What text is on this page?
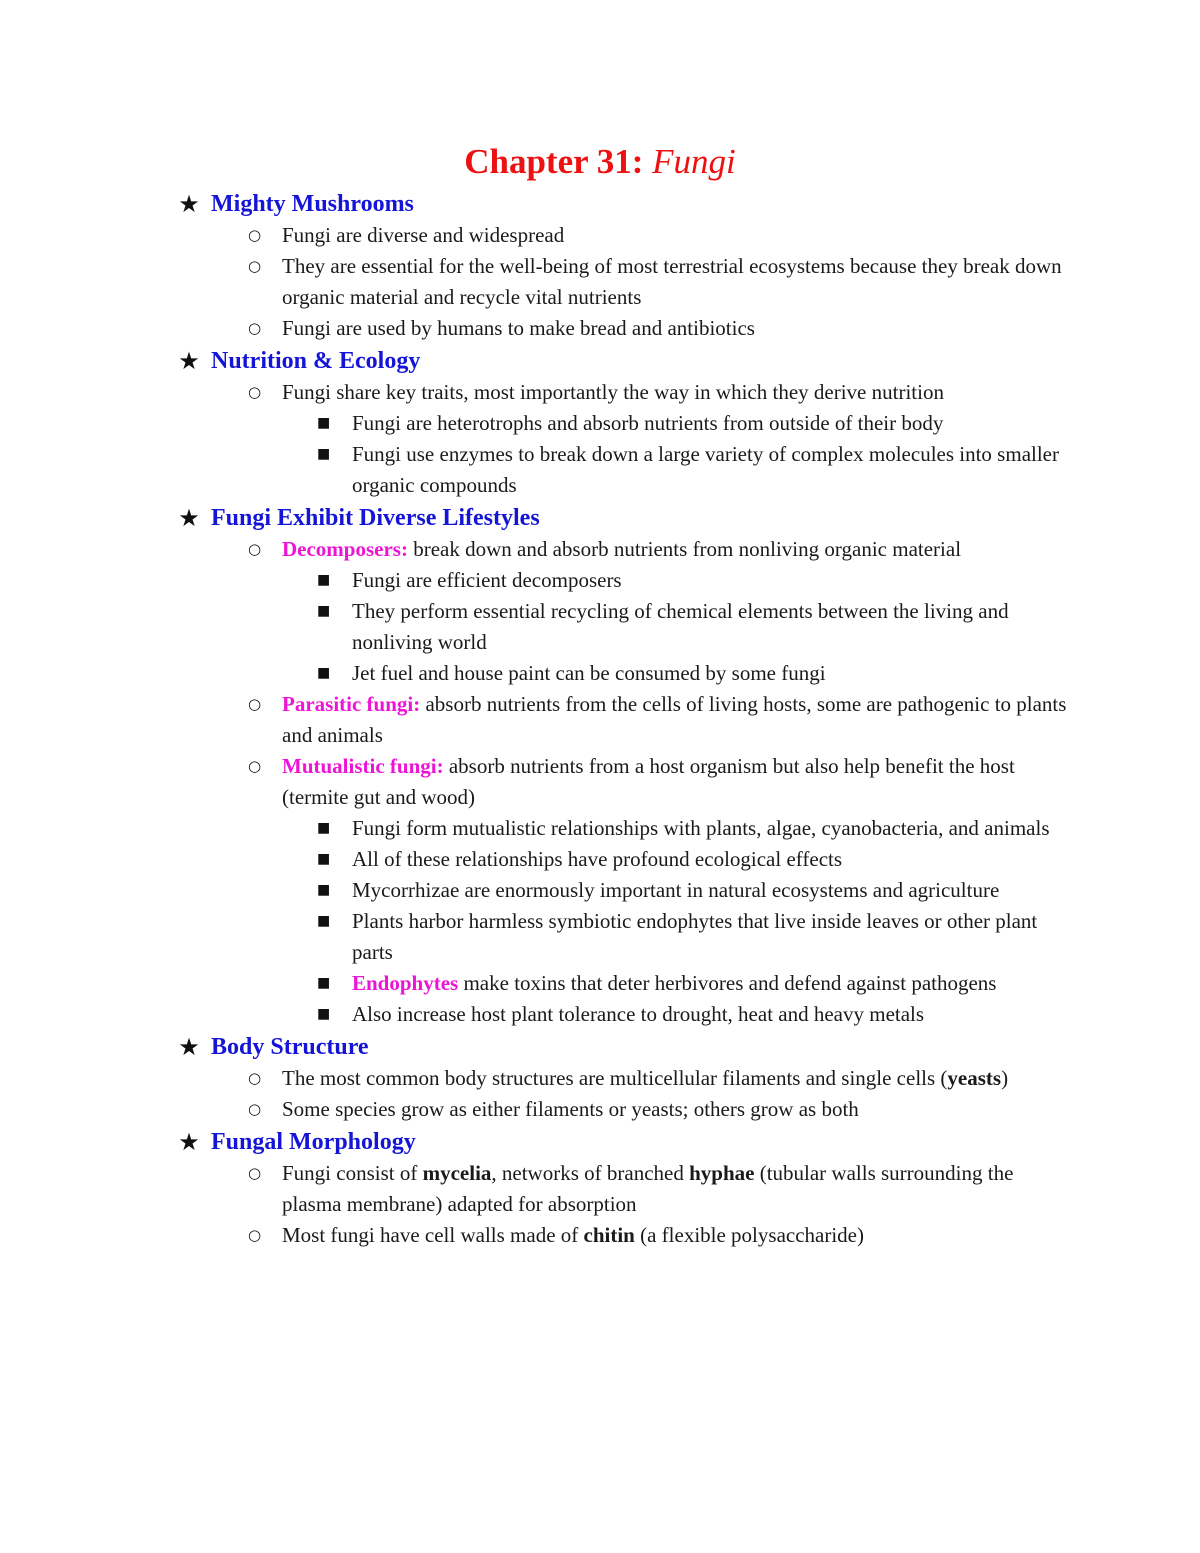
Chapter 31: Fungi
★ Mighty Mushrooms
○ Fungi are diverse and widespread
○ They are essential for the well-being of most terrestrial ecosystems because they break down organic material and recycle vital nutrients
○ Fungi are used by humans to make bread and antibiotics
★ Nutrition & Ecology
○ Fungi share key traits, most importantly the way in which they derive nutrition
■ Fungi are heterotrophs and absorb nutrients from outside of their body
■ Fungi use enzymes to break down a large variety of complex molecules into smaller organic compounds
★ Fungi Exhibit Diverse Lifestyles
○ Decomposers: break down and absorb nutrients from nonliving organic material
■ Fungi are efficient decomposers
■ They perform essential recycling of chemical elements between the living and nonliving world
■ Jet fuel and house paint can be consumed by some fungi
○ Parasitic fungi: absorb nutrients from the cells of living hosts, some are pathogenic to plants and animals
○ Mutualistic fungi: absorb nutrients from a host organism but also help benefit the host (termite gut and wood)
■ Fungi form mutualistic relationships with plants, algae, cyanobacteria, and animals
■ All of these relationships have profound ecological effects
■ Mycorrhizae are enormously important in natural ecosystems and agriculture
■ Plants harbor harmless symbiotic endophytes that live inside leaves or other plant parts
■ Endophytes make toxins that deter herbivores and defend against pathogens
■ Also increase host plant tolerance to drought, heat and heavy metals
★ Body Structure
○ The most common body structures are multicellular filaments and single cells (yeasts)
○ Some species grow as either filaments or yeasts; others grow as both
★ Fungal Morphology
○ Fungi consist of mycelia, networks of branched hyphae (tubular walls surrounding the plasma membrane) adapted for absorption
○ Most fungi have cell walls made of chitin (a flexible polysaccharide)
